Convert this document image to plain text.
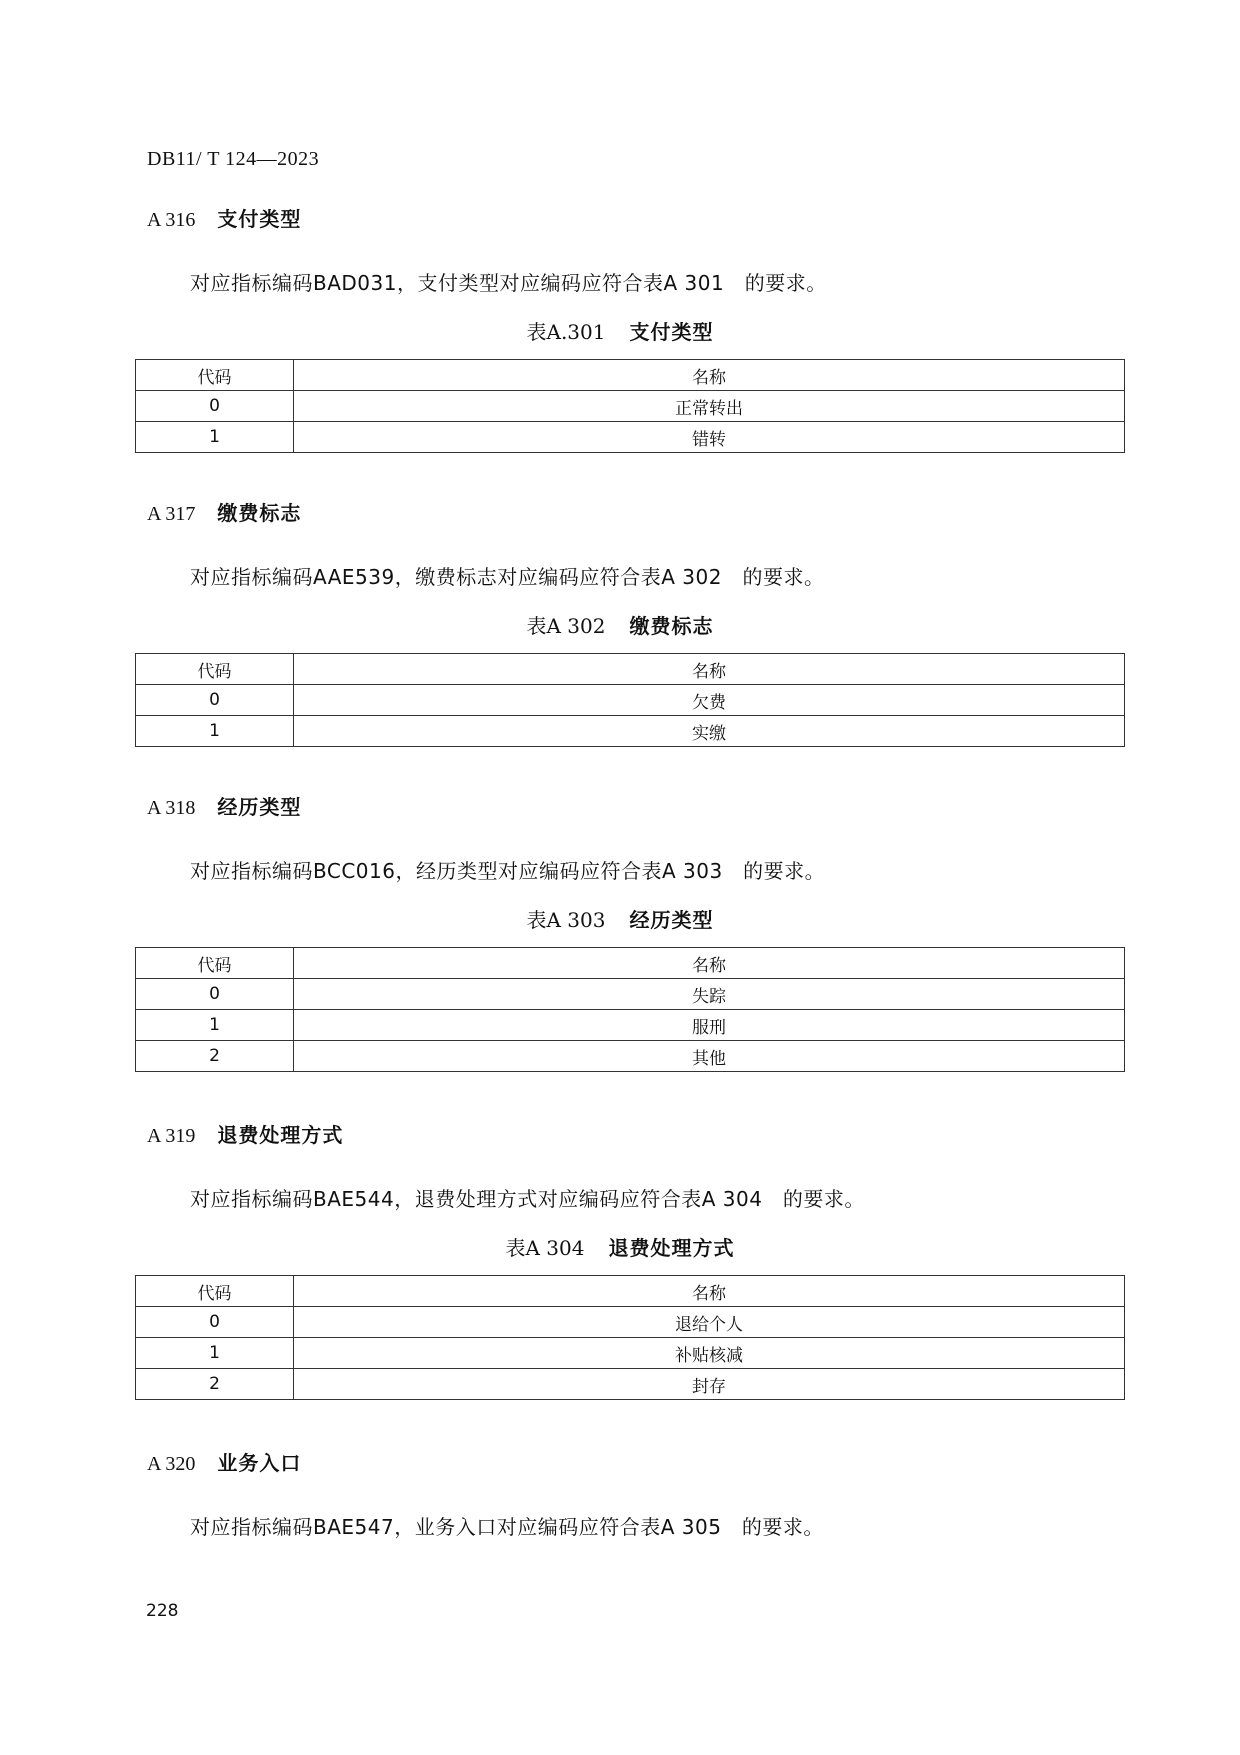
DB11/ T 124—2023
A 316 支付类型
对应指标编码BAD031，支付类型对应编码应符合表A 301　的要求。
表A.301 支付类型
代码	名称
0	正常转出
1	错转
A 317 缴费标志
对应指标编码AAE539，缴费标志对应编码应符合表A 302　的要求。
表A 302 缴费标志
代码	名称
0	欠费
1	实缴
A 318 经历类型
对应指标编码BCC016，经历类型对应编码应符合表A 303　的要求。
表A 303 经历类型
代码	名称
0	失踪
1	服刑
2	其他
A 319 退费处理方式
对应指标编码BAE544，退费处理方式对应编码应符合表A 304　的要求。
表A 304 退费处理方式
代码	名称
0	退给个人
1	补贴核减
2	封存
A 320 业务入口
对应指标编码BAE547，业务入口对应编码应符合表A 305　的要求。
228
